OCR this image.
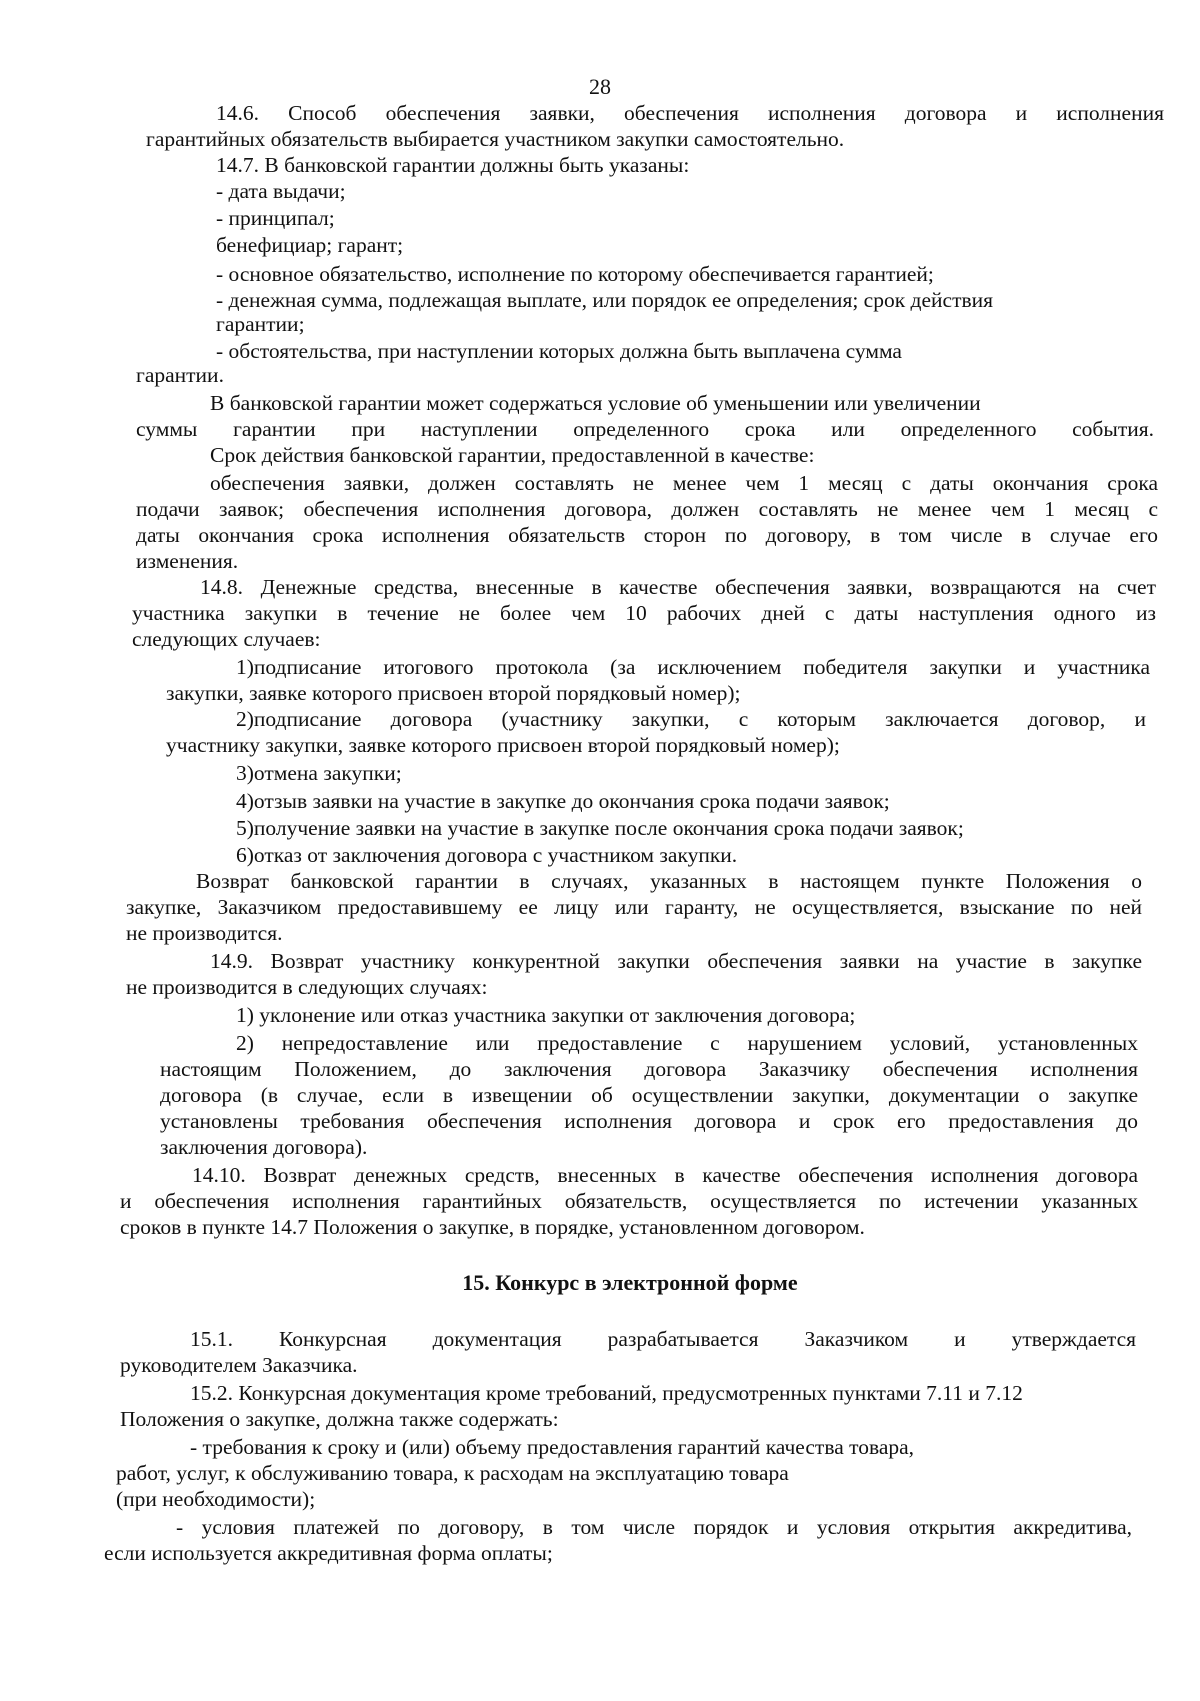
28
14.6. Способ обеспечения заявки, обеспечения исполнения договора и исполнения
гарантийных обязательств выбирается участником закупки самостоятельно.
14.7. В банковской гарантии должны быть указаны:
- дата выдачи;
- принципал;
бенефициар; гарант;
- основное обязательство, исполнение по которому обеспечивается гарантией;
- денежная сумма, подлежащая выплате, или порядок ее определения; срок действия
гарантии;
- обстоятельства, при наступлении которых должна быть выплачена сумма
гарантии.
В банковской гарантии может содержаться условие об уменьшении или увеличении
суммы гарантии при наступлении определенного срока или определенного события.
Срок действия банковской гарантии, предоставленной в качестве:
обеспечения заявки, должен составлять не менее чем 1 месяц с даты окончания срока
подачи заявок; обеспечения исполнения договора, должен составлять не менее чем 1 месяц с
даты окончания срока исполнения обязательств сторон по договору, в том числе в случае его
изменения.
14.8. Денежные средства, внесенные в качестве обеспечения заявки, возвращаются на счет
участника закупки в течение не более чем 10 рабочих дней с даты наступления одного из
следующих случаев:
1)подписание итогового протокола (за исключением победителя закупки и участника
закупки, заявке которого присвоен второй порядковый номер);
2)подписание договора (участнику закупки, с которым заключается договор, и
участнику закупки, заявке которого присвоен второй порядковый номер);
3)отмена закупки;
4)отзыв заявки на участие в закупке до окончания срока подачи заявок;
5)получение заявки на участие в закупке после окончания срока подачи заявок;
6)отказ от заключения договора с участником закупки.
Возврат банковской гарантии в случаях, указанных в настоящем пункте Положения о
закупке, Заказчиком предоставившему ее лицу или гаранту, не осуществляется, взыскание по ней
не производится.
14.9. Возврат участнику конкурентной закупки обеспечения заявки на участие в закупке
не производится в следующих случаях:
1) уклонение или отказ участника закупки от заключения договора;
2) непредоставление или предоставление с нарушением условий, установленных
настоящим Положением, до заключения договора Заказчику обеспечения исполнения
договора (в случае, если в извещении об осуществлении закупки, документации о закупке
установлены требования обеспечения исполнения договора и срок его предоставления до
заключения договора).
14.10. Возврат денежных средств, внесенных в качестве обеспечения исполнения договора
и обеспечения исполнения гарантийных обязательств, осуществляется по истечении указанных
сроков в пункте 14.7 Положения о закупке, в порядке, установленном договором.
15. Конкурс в электронной форме
15.1. Конкурсная документация разрабатывается Заказчиком и утверждается
руководителем Заказчика.
15.2. Конкурсная документация кроме требований, предусмотренных пунктами 7.11 и 7.12
Положения о закупке, должна также содержать:
- требования к сроку и (или) объему предоставления гарантий качества товара,
работ, услуг, к обслуживанию товара, к расходам на эксплуатацию товара
(при необходимости);
- условия платежей по договору, в том числе порядок и условия открытия аккредитива,
если используется аккредитивная форма оплаты;
